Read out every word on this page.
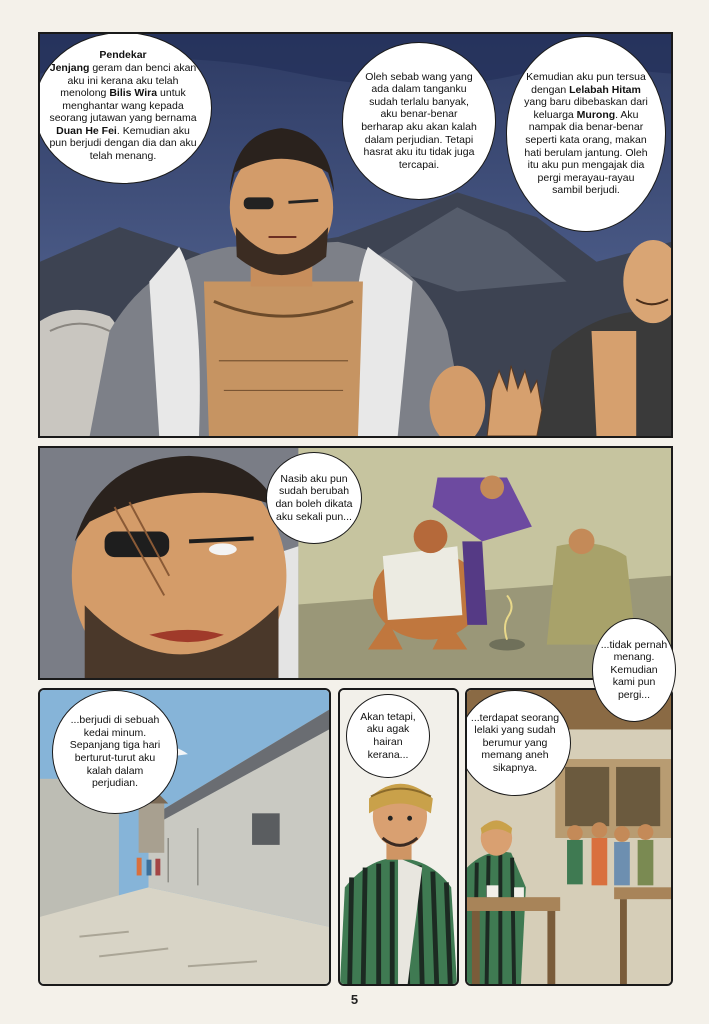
Pendekar
Jenjang geram dan benci akan aku ini kerana aku telah menolong Bilis Wira untuk menghantar wang kepada seorang jutawan yang bernama Duan He Fei. Kemudian aku pun berjudi dengan dia dan aku telah menang.

Oleh sebab wang yang ada dalam tanganku sudah terlalu banyak, aku benar-benar berharap aku akan kalah dalam perjudian. Tetapi hasrat aku itu tidak juga tercapai.

Kemudian aku pun tersua dengan Lelabah Hitam yang baru dibebaskan dari keluarga Murong. Aku nampak dia benar-benar seperti kata orang, makan hati berulam jantung. Oleh itu aku pun mengajak dia pergi merayau-rayau sambil berjudi.

Nasib aku pun sudah berubah dan boleh dikata aku sekali pun...

...tidak pernah menang. Kemudian kami pun pergi...

...berjudi di sebuah kedai minum. Sepanjang tiga hari berturut-turut aku kalah dalam perjudian.

Akan tetapi, aku agak hairan kerana...

...terdapat seorang lelaki yang sudah berumur yang memang aneh sikapnya.

5
